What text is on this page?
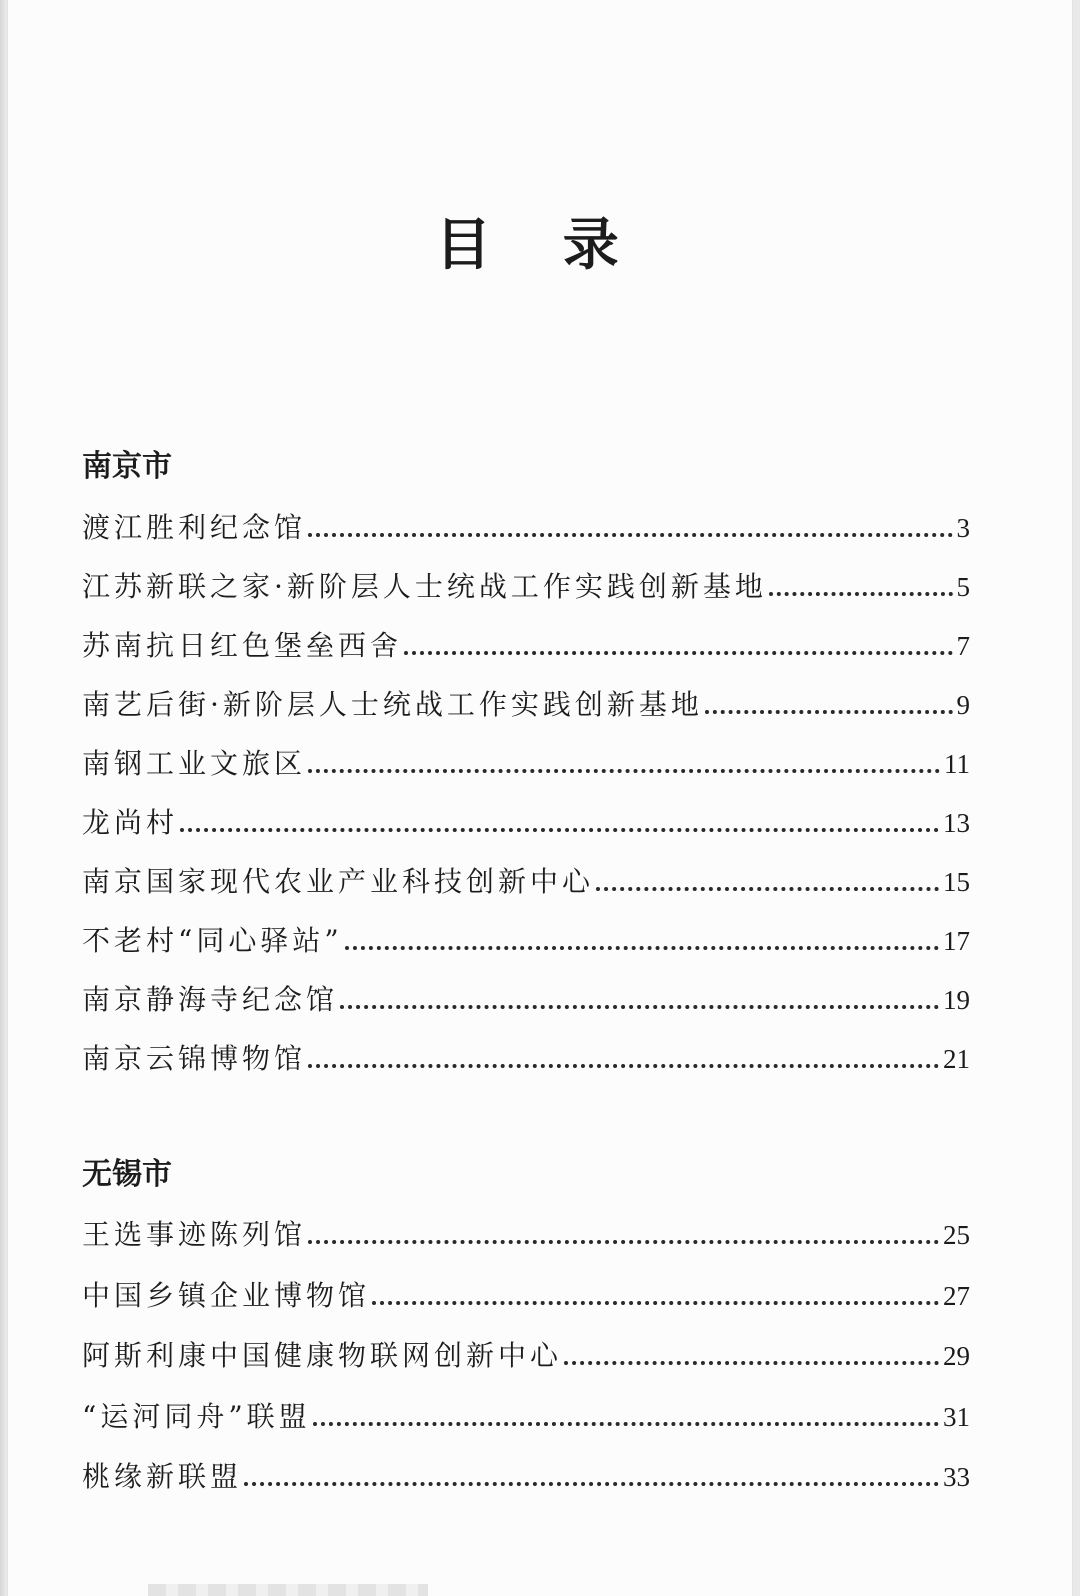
目 录
南京市
渡江胜利纪念馆	3
江苏新联之家·新阶层人士统战工作实践创新基地	5
苏南抗日红色堡垒西舍	7
南艺后街·新阶层人士统战工作实践创新基地	9
南钢工业文旅区	11
龙尚村	13
南京国家现代农业产业科技创新中心	15
不老村“同心驿站”	17
南京静海寺纪念馆	19
南京云锦博物馆	21
无锡市
王选事迹陈列馆	25
中国乡镇企业博物馆	27
阿斯利康中国健康物联网创新中心	29
“运河同舟”联盟	31
桃缘新联盟	33
